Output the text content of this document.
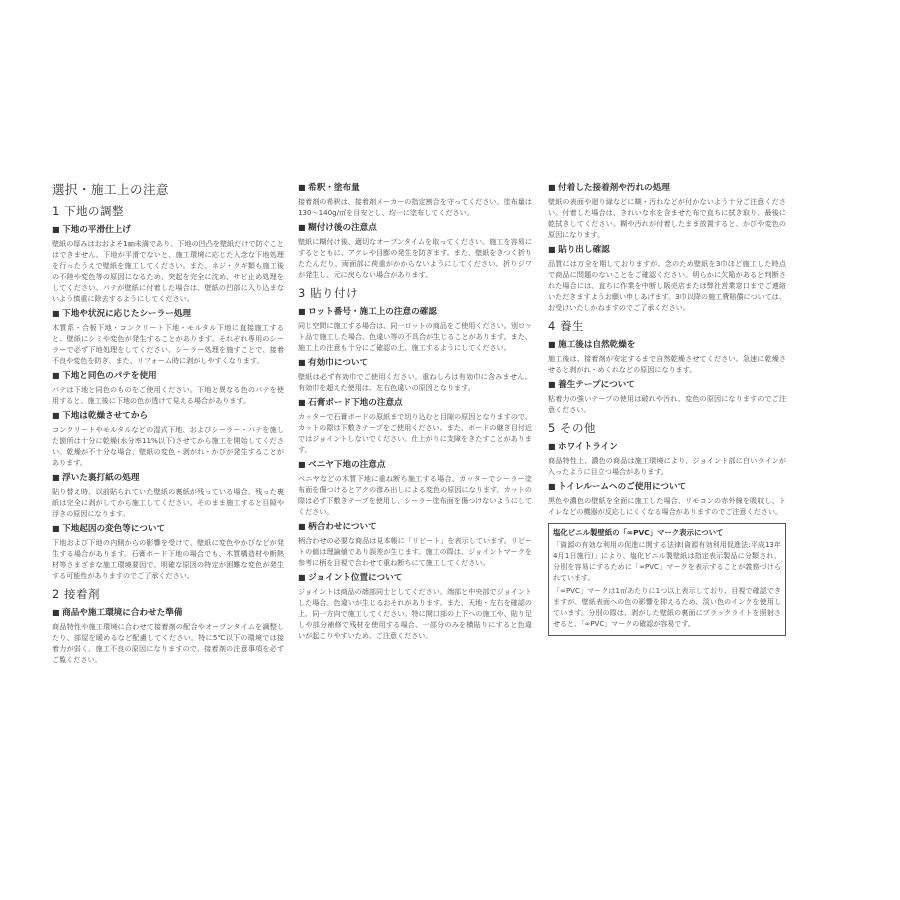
選択・施工上の注意
1 下地の調整
■ 下地の平滑仕上げ

壁紙の厚みはおおよそ1㎜未満であり、下地の凹凸を壁紙だけで防ぐことはできません。下地が平滑でないと、施工環境に応じた入念な下地処理を行ったうえで壁紙を施工してください。また、ネジ・クギ類も施工後の不陸や変色等の原因になるため、突起を完全に沈め、サビ止め処理をしてください。パテが壁紙に付着した場合は、壁紙の凹部に入り込まないよう慎重に除去するようにしてください。

■ 下地や状況に応じたシーラー処理

木質系・合板下地・コンクリート下地・モルタル下地に直接施工すると、壁紙にシミや変色が発生することがあります。それぞれ専用のシーラーで必ず下地処理をしてください。シーラー処理を施すことで、接着不良や変色を防ぎ、また、リフォーム時に剥がしやすくなります。

■ 下地と同色のパテを使用

パテは下地と同色のものをご使用ください。下地と異なる色のパテを使用すると、施工後に下地の色が透けて見える場合があります。

■ 下地は乾燥させてから

コンクリートやモルタルなどの湿式下地、およびシーラー・パテを施した箇所は十分に乾燥(水分率11%以下)させてから施工を開始してください。乾燥が不十分な場合、壁紙の変色・剥がれ・かびが発生することがあります。

■ 浮いた裏打紙の処理

貼り替え時、以前貼られていた壁紙の裏紙が残っている場合、残った裏紙は完全に剥がしてから施工してください。そのまま施工すると目隙や浮きの原因になります。

■ 下地起因の変色等について

下地および下地の内側からの影響を受けて、壁紙に変色やかびなどが発生する場合があります。石膏ボード下地の場合でも、木質構造材や断熱材等さまざまな施工環境要因で、明確な原因の特定が困難な変色が発生する可能性がありますのでご了承ください。

2 接着剤
■ 商品や施工環境に合わせた準備

商品特性や施工環境に合わせて接着剤の配合やオープンタイムを調整したり、部屋を暖めるなど配慮してください。特に5℃以下の環境では接着力が弱く、施工不良の原因になりますので、接着剤の注意事項を必ずご覧ください。

■ 希釈・塗布量

接着剤の希釈は、接着剤メーカーの指定割合を守ってください。塗布量は130〜140g/㎡を目安とし、均一に塗布してください。

■ 糊付け後の注意点

壁紙に糊付け後、適切なオープンタイムを取ってください。施工を容易にするとともに、アクレや目膨の発生を防ぎます。また、壁紙をきつく折りたたんだり、両面部に荷重がかからないようにしてください。折りジワが発生し、元に戻らない場合があります。

3 貼り付け
■ ロット番号・施工上の注意の確認

同じ空間に施工する場合は、同一ロットの商品をご使用ください。別ロット品で施工した場合、色違い等の不具合が生じることがあります。また、施工上の注意も十分にご確認の上、施工するようにしてください。

■ 有効巾について

壁紙は必ず有効巾でご使用ください。重ねしろは有効巾に含みません。有効巾を超えた使用は、左右色違いの原因となります。

■ 石膏ボード下地の注意点

カッターで石膏ボードの原紙まで切り込むと目隙の原因となりますので、カットの際は下敷きテープをご使用ください。また、ボードの継ぎ目付近ではジョイントしないでください。仕上がりに支障をきたすことがあります。

■ ベニヤ下地の注意点

ベニヤなどの木質下地に重ね断ち施工する場合、カッターでシーラー塗布面を傷つけるとアクの滲み出しによる変色の原因になります。カットの際は必ず下敷きテープを使用し、シーラー塗布面を傷つけないようにしてください。

■ 柄合わせについて

柄合わせの必要な商品は見本帳に「リピート」を表示しています。リピートの値は理論値であり誤差が生じます。施工の際は、ジョイントマークを参考に柄を目視で合わせて重ね断ちにて施工してください。

■ ジョイント位置について

ジョイントは商品の端部同士としてください。端部と中央部でジョイントした場合、色違いが生じるおそれがあります。また、天地・左右を確認の上、同一方向で施工してください。特に開口部の上下への施工や、貼り足しや部分補修で残材を使用する場合、一部分のみを横貼りにすると色違いが起こりやすいため、ご注意ください。

■ 付着した接着剤や汚れの処理

壁紙の表面や廻り縁などに糊・汚れなどが付かないよう十分ご注意ください。付着した場合は、きれいな水を含ませた布で直ちに拭き取り、最後に乾拭きしてください。糊や汚れが付着したまま放置すると、かびや変色の原因になります。

■ 貼り出し確認

品質には万全を期しておりますが、念のため壁紙を3巾ほど施工した時点で商品に問題のないことをご確認ください。明らかに欠陥があると判断された場合には、直ちに作業を中断し販売店または弊社営業窓口までご連絡いただきますようお願い申しあげます。3巾以降の施工費賠償については、お受けいたしかねますのでご了承ください。

4 養生
■ 施工後は自然乾燥を

施工後は、接着剤が安定するまで自然乾燥させてください。急速に乾燥させると剥がれ・めくれなどの原因になります。

■ 養生テープについて

粘着力の強いテープの使用は破れや汚れ、変色の原因になりますのでご注意ください。

5 その他
■ ホワイトライン

商品特性上、濃色の商品は施工環境により、ジョイント部に白いラインが入ったように目立つ場合があります。

■ トイレルームへのご使用について

黒色や濃色の壁紙を全面に施工した場合、リモコンの赤外線を吸収し、トイレなどの機器が反応しにくくなる場合がありますのでご注意ください。

塩化ビニル製壁紙の「∞PVC」マーク表示について

「資源の有効な利用の促進に関する法律(資源有効利用促進法:平成13年4月1日施行)」により、塩化ビニル製壁紙は指定表示製品に分類され、分別を容易にするために「∞PVC」マークを表示することが義務づけられています。

「∞PVC」マークは1㎡あたりに1つ以上表示しており、目視で確認できますが、壁紙表面への色の影響を抑えるため、淡い色のインクを使用しています。分別の際は、剥がした壁紙の裏面にブラックライトを照射させると、「∞PVC」マークの確認が容易です。
